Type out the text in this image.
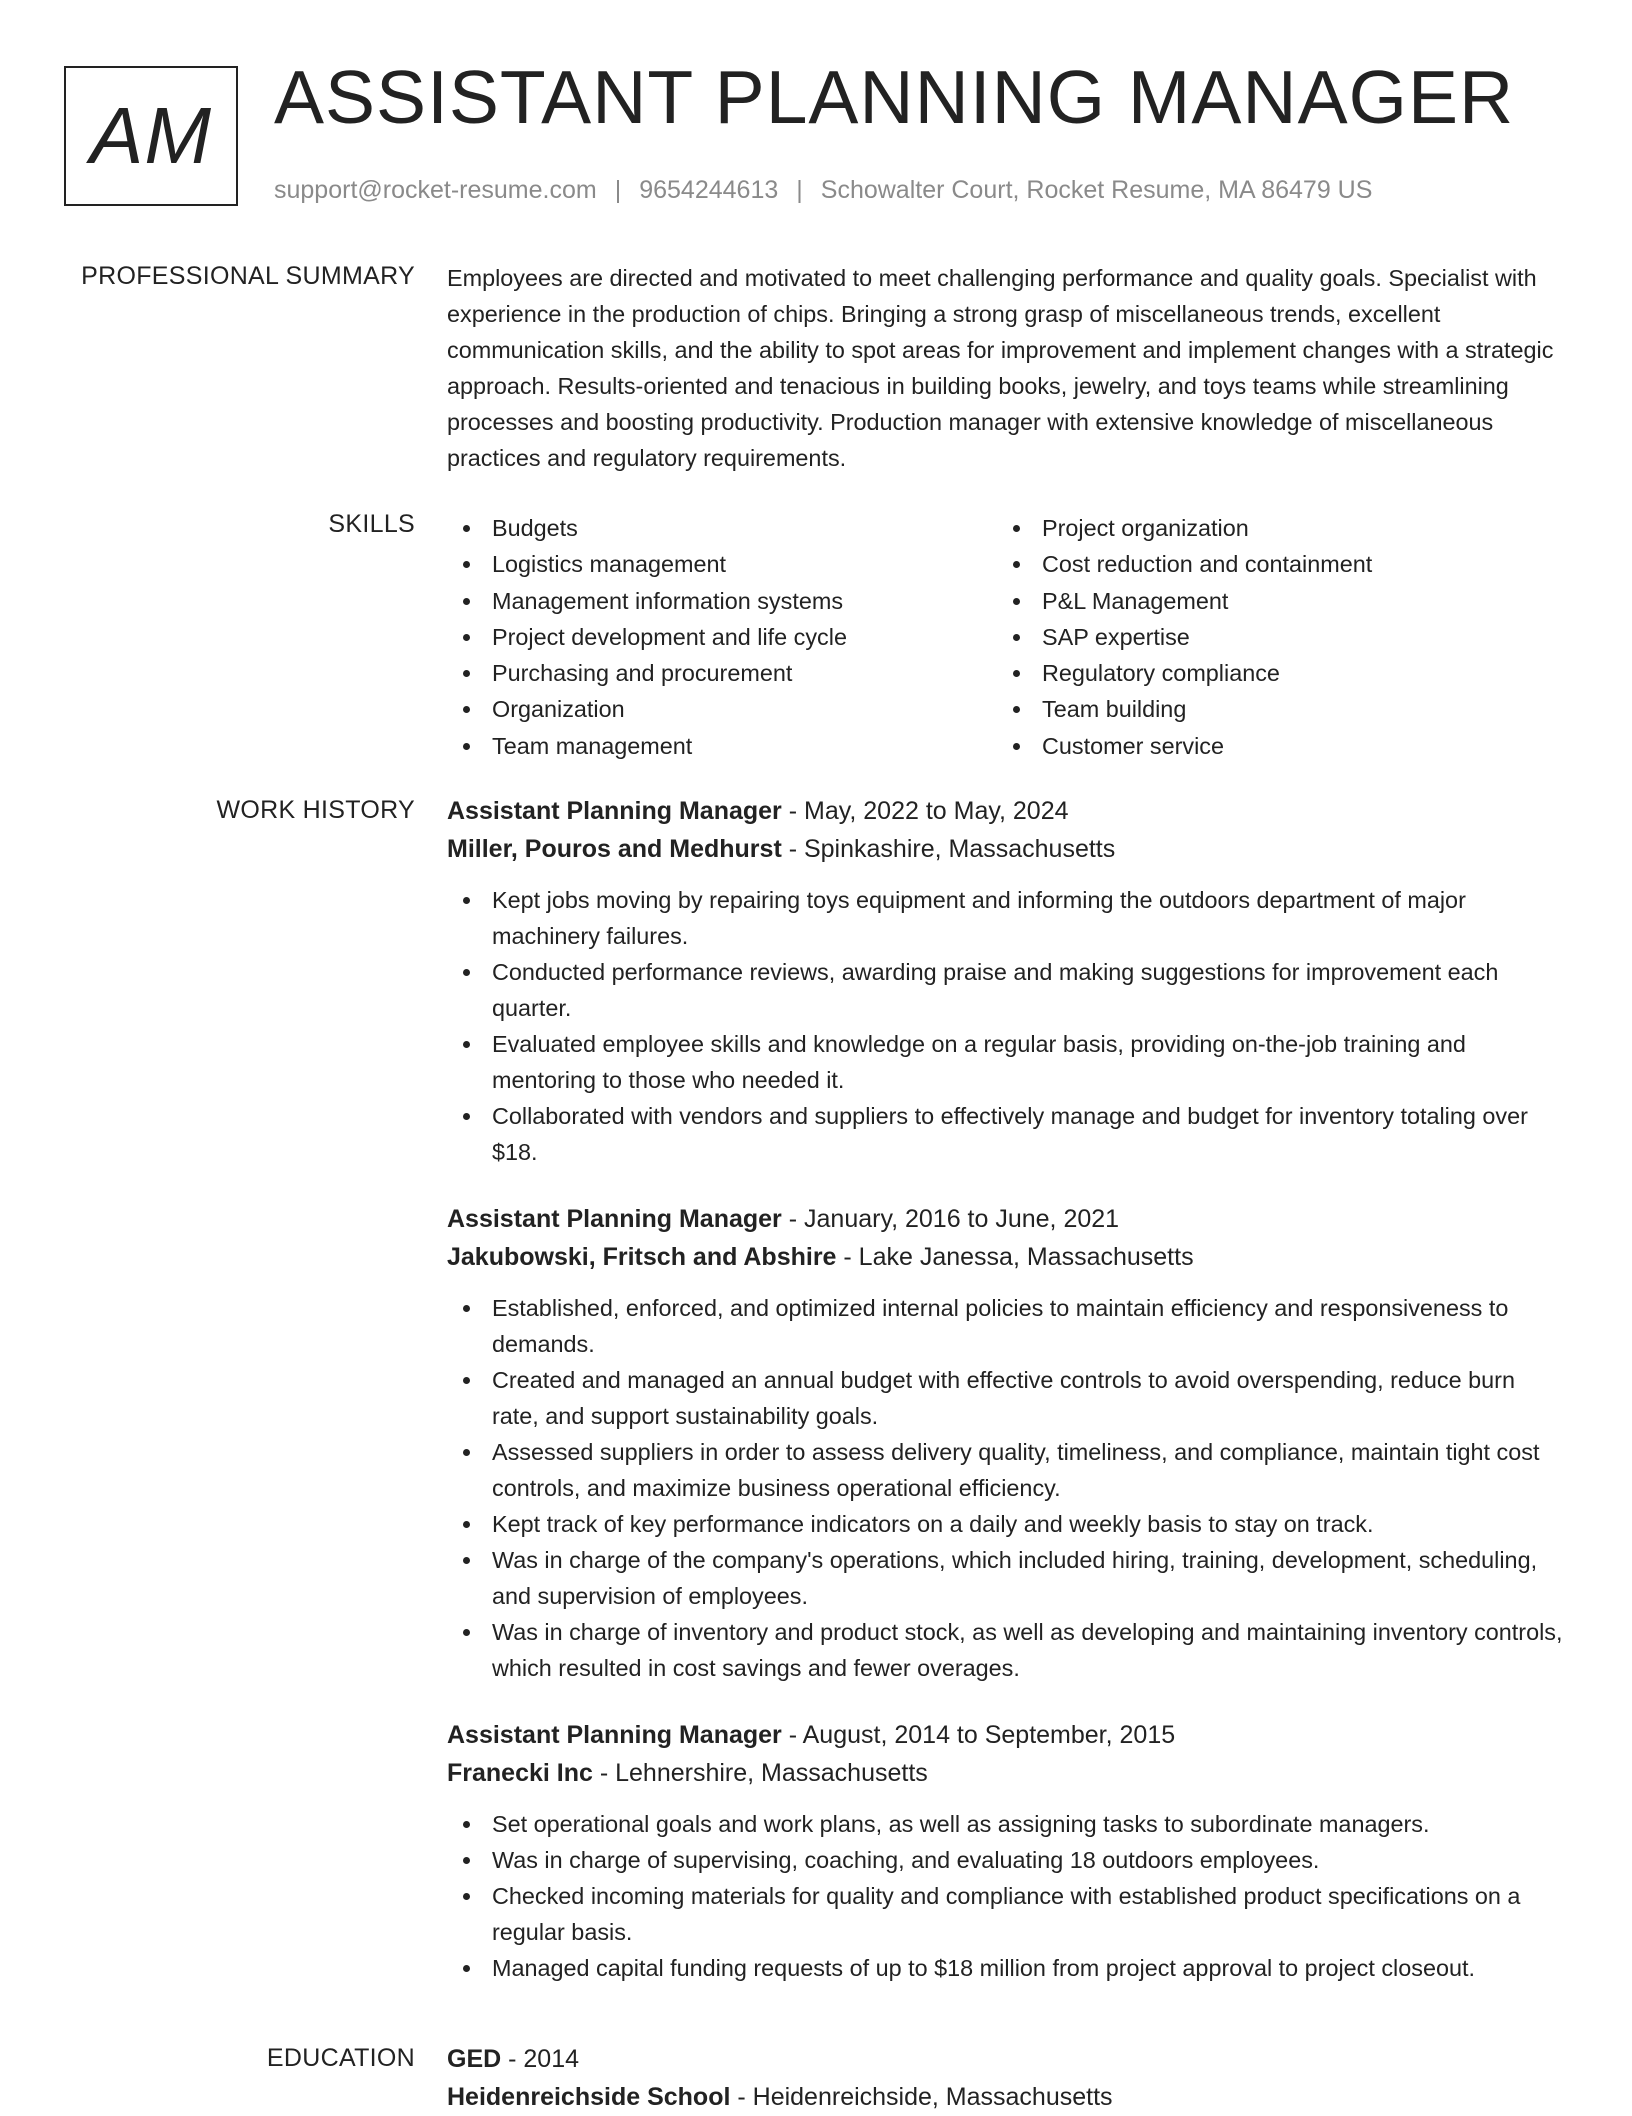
AM ASSISTANT PLANNING MANAGER
support@rocket-resume.com | 9654244613 | Schowalter Court, Rocket Resume, MA 86479 US
PROFESSIONAL SUMMARY Employees are directed and motivated to meet challenging performance and quality goals. Specialist with experience in the production of chips. Bringing a strong grasp of miscellaneous trends, excellent communication skills, and the ability to spot areas for improvement and implement changes with a strategic approach. Results-oriented and tenacious in building books, jewelry, and toys teams while streamlining processes and boosting productivity. Production manager with extensive knowledge of miscellaneous practices and regulatory requirements.

SKILLS	Budgets
Logistics management
Management information systems
Project development and life cycle
Purchasing and procurement
Organization
Team management
Project organization
Cost reduction and containment
P&L Management
SAP expertise
Regulatory compliance
Team building
Customer service
WORK HISTORY Assistant Planning Manager - May, 2022 to May, 2024
Miller, Pouros and Medhurst - Spinkashire, Massachusetts
Kept jobs moving by repairing toys equipment and informing the outdoors department of major machinery failures.
Conducted performance reviews, awarding praise and making suggestions for improvement each quarter.
Evaluated employee skills and knowledge on a regular basis, providing on-the-job training and mentoring to those who needed it.
Collaborated with vendors and suppliers to effectively manage and budget for inventory totaling over $18.
Assistant Planning Manager - January, 2016 to June, 2021
Jakubowski, Fritsch and Abshire - Lake Janessa, Massachusetts
Established, enforced, and optimized internal policies to maintain efficiency and responsiveness to demands.
Created and managed an annual budget with effective controls to avoid overspending, reduce burn rate, and support sustainability goals.
Assessed suppliers in order to assess delivery quality, timeliness, and compliance, maintain tight cost controls, and maximize business operational efficiency.
Kept track of key performance indicators on a daily and weekly basis to stay on track.
Was in charge of the company's operations, which included hiring, training, development, scheduling, and supervision of employees.
Was in charge of inventory and product stock, as well as developing and maintaining inventory controls, which resulted in cost savings and fewer overages.
Assistant Planning Manager - August, 2014 to September, 2015
Franecki Inc - Lehnershire, Massachusetts
Set operational goals and work plans, as well as assigning tasks to subordinate managers.
Was in charge of supervising, coaching, and evaluating 18 outdoors employees.
Checked incoming materials for quality and compliance with established product specifications on a regular basis.
Managed capital funding requests of up to $18 million from project approval to project closeout.
EDUCATION GED - 2014
Heidenreichside School - Heidenreichside, Massachusetts
